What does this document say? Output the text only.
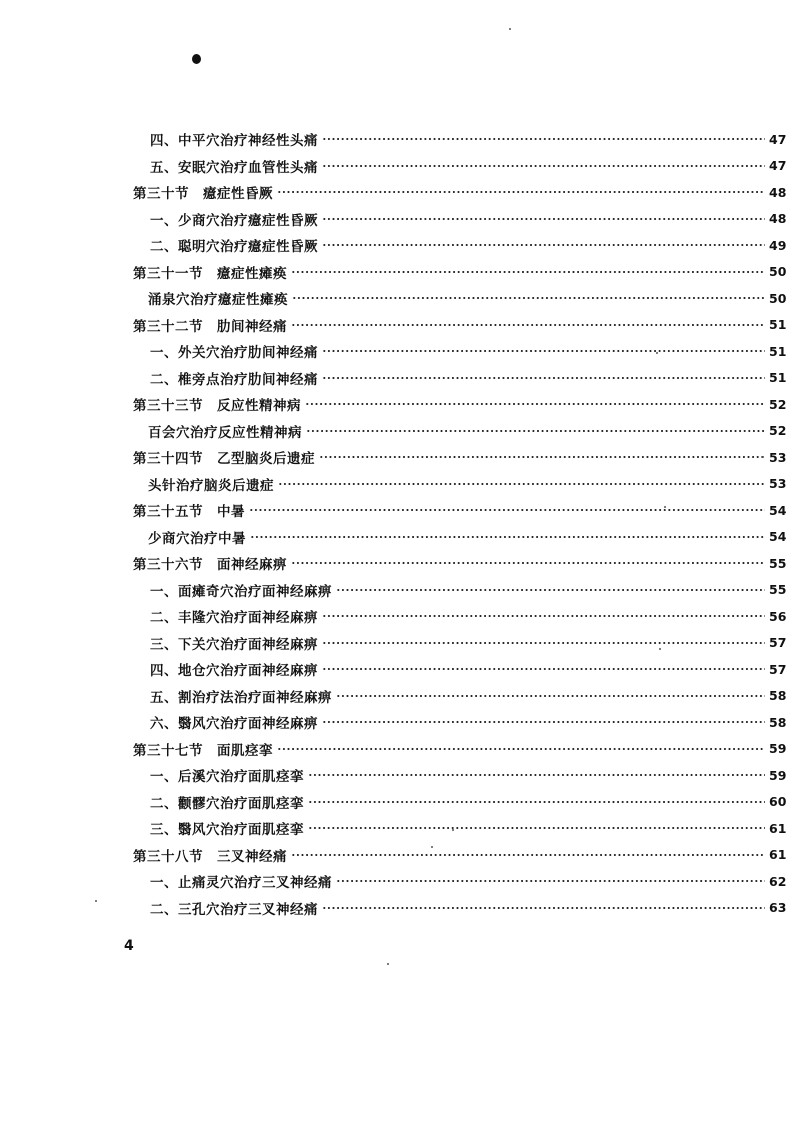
四、中平穴治疗神经性头痛	47
五、安眠穴治疗血管性头痛	47
第三十节　癔症性昏厥	48
一、少商穴治疗癔症性昏厥	48
二、聪明穴治疗癔症性昏厥	49
第三十一节　癔症性瘫痪	50
涌泉穴治疗癔症性瘫痪	50
第三十二节　肋间神经痛	51
一、外关穴治疗肋间神经痛	51
二、椎旁点治疗肋间神经痛	51
第三十三节　反应性精神病	52
百会穴治疗反应性精神病	52
第三十四节　乙型脑炎后遗症	53
头针治疗脑炎后遗症	53
第三十五节　中暑	54
少商穴治疗中暑	54
第三十六节　面神经麻痹	55
一、面瘫奇穴治疗面神经麻痹	55
二、丰隆穴治疗面神经麻痹	56
三、下关穴治疗面神经麻痹	57
四、地仓穴治疗面神经麻痹	57
五、割治疗法治疗面神经麻痹	58
六、翳风穴治疗面神经麻痹	58
第三十七节　面肌痉挛	59
一、后溪穴治疗面肌痉挛	59
二、颧髎穴治疗面肌痉挛	60
三、翳风穴治疗面肌痉挛	61
第三十八节　三叉神经痛	61
一、止痛灵穴治疗三叉神经痛	62
二、三孔穴治疗三叉神经痛	63
4
